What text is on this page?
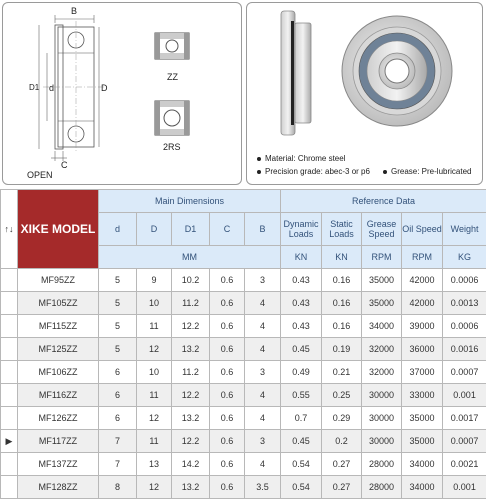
B
C
D1 d	D
ZZ
2RS
OPEN
Material: Chrome steel
Precision grade: abec-3 or p6	Grease: Pre-lubricated
↑↓	XIKE MODEL	Main Dimensions					Reference Data				
		d	D	D1	C	B	Dynamic Loads	Static Loads	Grease Speed	Oil Speed	Weight
		MM					KN	KN	RPM	RPM	KG
	MF95ZZ	5	9	10.2	0.6	3	0.43	0.16	35000	42000	0.0006
	MF105ZZ	5	10	11.2	0.6	4	0.43	0.16	35000	42000	0.0013
	MF115ZZ	5	11	12.2	0.6	4	0.43	0.16	34000	39000	0.0006
	MF125ZZ	5	12	13.2	0.6	4	0.45	0.19	32000	36000	0.0016
	MF106ZZ	6	10	11.2	0.6	3	0.49	0.21	32000	37000	0.0007
	MF116ZZ	6	11	12.2	0.6	4	0.55	0.25	30000	33000	0.001
	MF126ZZ	6	12	13.2	0.6	4	0.7	0.29	30000	35000	0.0017
▶	MF117ZZ	7	11	12.2	0.6	3	0.45	0.2	30000	35000	0.0007
	MF137ZZ	7	13	14.2	0.6	4	0.54	0.27	28000	34000	0.0021
	MF128ZZ	8	12	13.2	0.6	3.5	0.54	0.27	28000	34000	0.001
